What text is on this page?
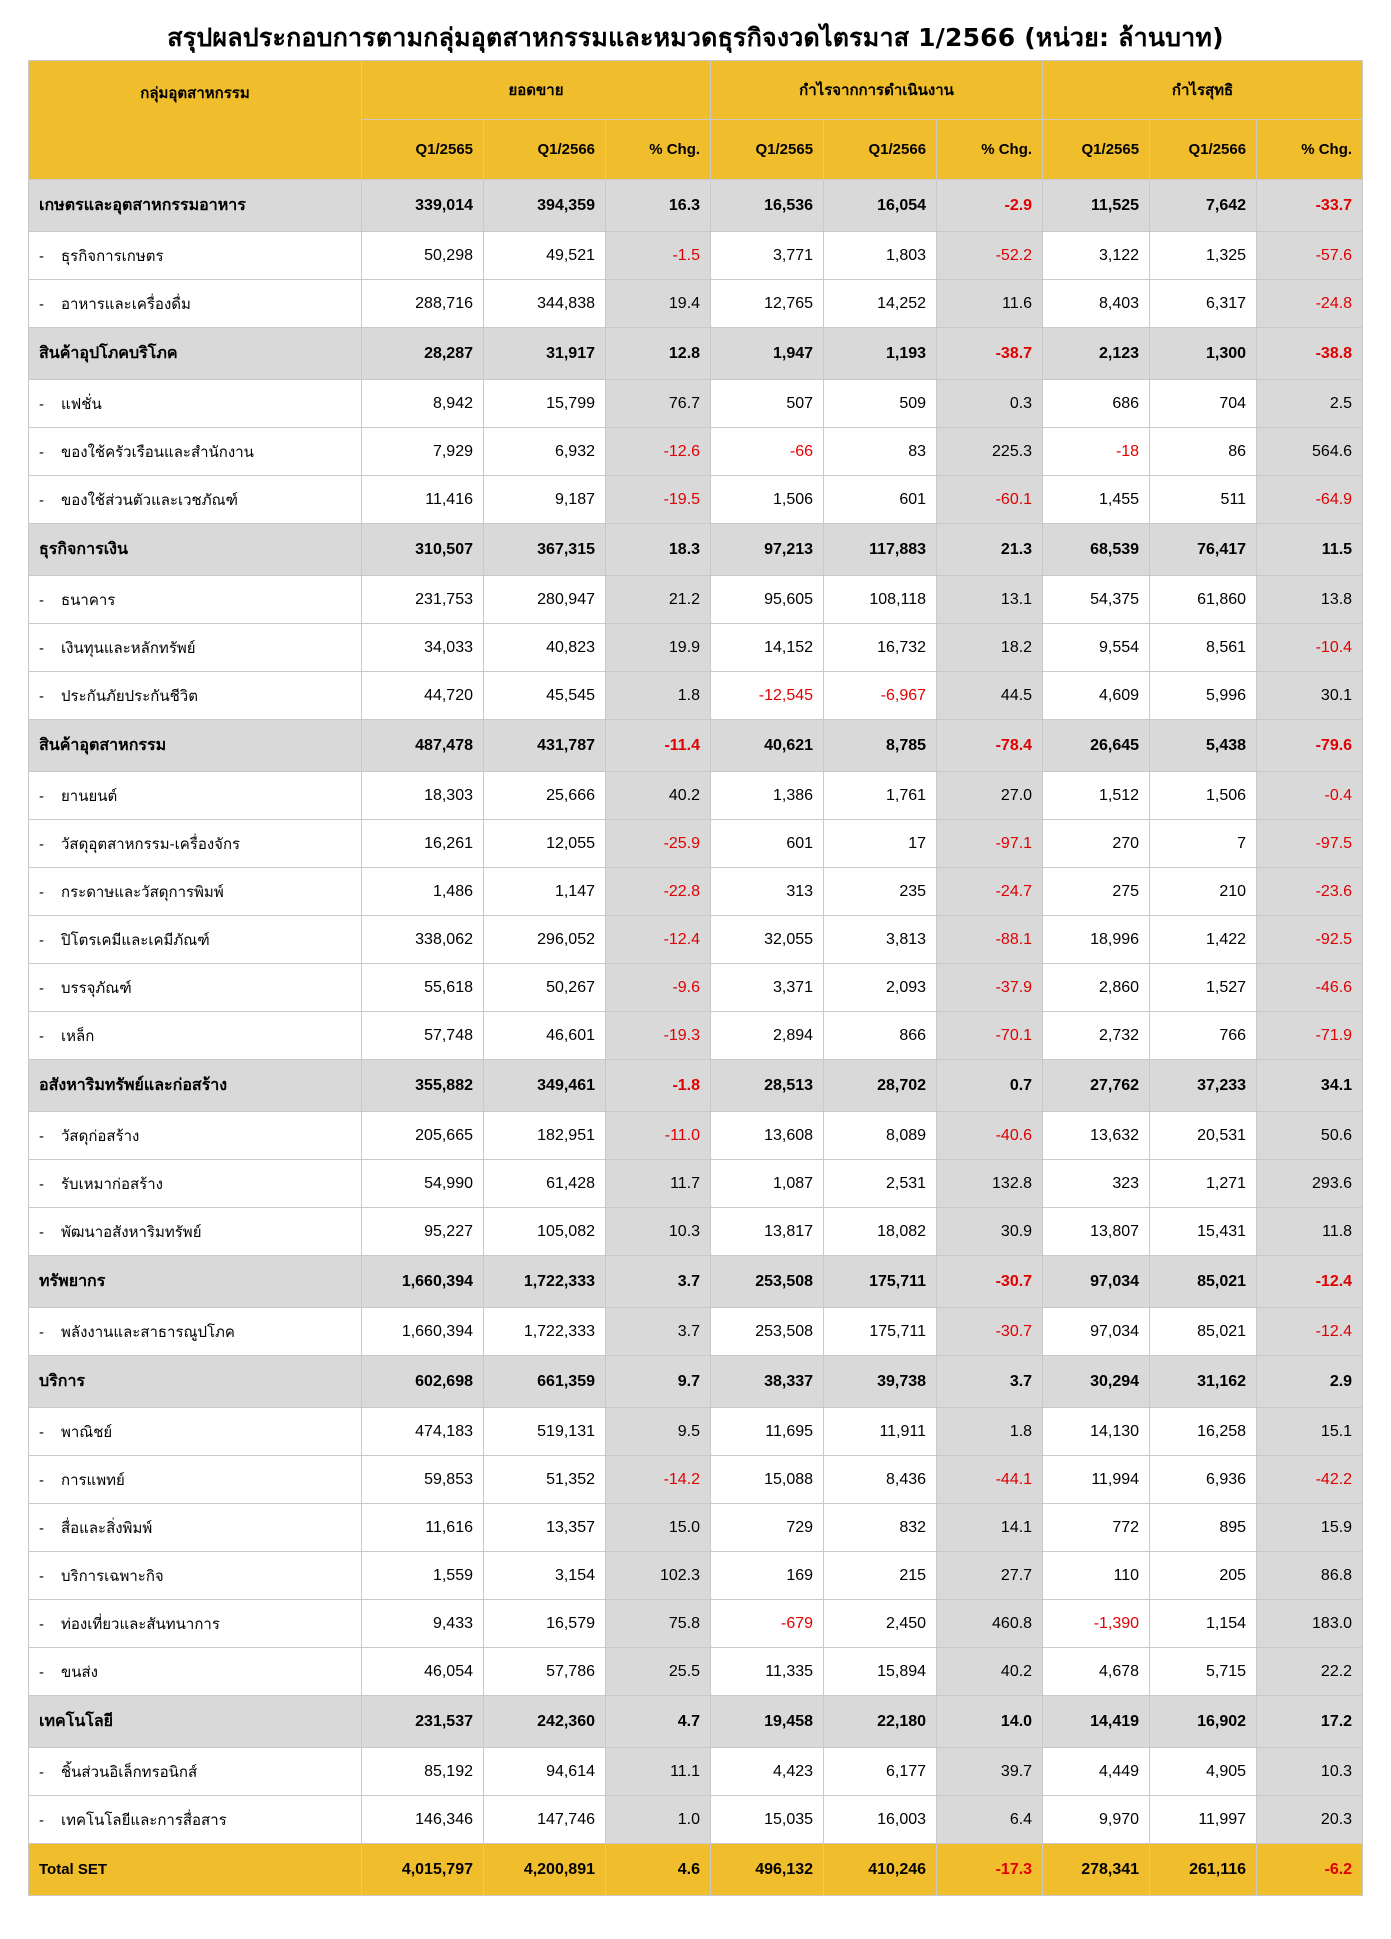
สรุปผลประกอบการตามกลุ่มอุตสาหกรรมและหมวดธุรกิจงวดไตรมาส 1/2566 (หน่วย: ล้านบาท)
กลุ่มอุตสาหกรรม	ยอดขาย			กำไรจากการดำเนินงาน			กำไรสุทธิ		
	Q1/2565	Q1/2566	% Chg.	Q1/2565	Q1/2566	% Chg.	Q1/2565	Q1/2566	% Chg.
เกษตรและอุตสาหกรรมอาหาร	339,014	394,359	16.3	16,536	16,054	-2.9	11,525	7,642	-33.7
- ธุรกิจการเกษตร	50,298	49,521	-1.5	3,771	1,803	-52.2	3,122	1,325	-57.6
- อาหารและเครื่องดื่ม	288,716	344,838	19.4	12,765	14,252	11.6	8,403	6,317	-24.8
สินค้าอุปโภคบริโภค	28,287	31,917	12.8	1,947	1,193	-38.7	2,123	1,300	-38.8
- แฟชั่น	8,942	15,799	76.7	507	509	0.3	686	704	2.5
- ของใช้ครัวเรือนและสำนักงาน	7,929	6,932	-12.6	-66	83	225.3	-18	86	564.6
- ของใช้ส่วนตัวและเวชภัณฑ์	11,416	9,187	-19.5	1,506	601	-60.1	1,455	511	-64.9
ธุรกิจการเงิน	310,507	367,315	18.3	97,213	117,883	21.3	68,539	76,417	11.5
- ธนาคาร	231,753	280,947	21.2	95,605	108,118	13.1	54,375	61,860	13.8
- เงินทุนและหลักทรัพย์	34,033	40,823	19.9	14,152	16,732	18.2	9,554	8,561	-10.4
- ประกันภัยประกันชีวิต	44,720	45,545	1.8	-12,545	-6,967	44.5	4,609	5,996	30.1
สินค้าอุตสาหกรรม	487,478	431,787	-11.4	40,621	8,785	-78.4	26,645	5,438	-79.6
- ยานยนต์	18,303	25,666	40.2	1,386	1,761	27.0	1,512	1,506	-0.4
- วัสดุอุตสาหกรรม-เครื่องจักร	16,261	12,055	-25.9	601	17	-97.1	270	7	-97.5
- กระดาษและวัสดุการพิมพ์	1,486	1,147	-22.8	313	235	-24.7	275	210	-23.6
- ปิโตรเคมีและเคมีภัณฑ์	338,062	296,052	-12.4	32,055	3,813	-88.1	18,996	1,422	-92.5
- บรรจุภัณฑ์	55,618	50,267	-9.6	3,371	2,093	-37.9	2,860	1,527	-46.6
- เหล็ก	57,748	46,601	-19.3	2,894	866	-70.1	2,732	766	-71.9
อสังหาริมทรัพย์และก่อสร้าง	355,882	349,461	-1.8	28,513	28,702	0.7	27,762	37,233	34.1
- วัสดุก่อสร้าง	205,665	182,951	-11.0	13,608	8,089	-40.6	13,632	20,531	50.6
- รับเหมาก่อสร้าง	54,990	61,428	11.7	1,087	2,531	132.8	323	1,271	293.6
- พัฒนาอสังหาริมทรัพย์	95,227	105,082	10.3	13,817	18,082	30.9	13,807	15,431	11.8
ทรัพยากร	1,660,394	1,722,333	3.7	253,508	175,711	-30.7	97,034	85,021	-12.4
- พลังงานและสาธารณูปโภค	1,660,394	1,722,333	3.7	253,508	175,711	-30.7	97,034	85,021	-12.4
บริการ	602,698	661,359	9.7	38,337	39,738	3.7	30,294	31,162	2.9
- พาณิชย์	474,183	519,131	9.5	11,695	11,911	1.8	14,130	16,258	15.1
- การแพทย์	59,853	51,352	-14.2	15,088	8,436	-44.1	11,994	6,936	-42.2
- สื่อและสิ่งพิมพ์	11,616	13,357	15.0	729	832	14.1	772	895	15.9
- บริการเฉพาะกิจ	1,559	3,154	102.3	169	215	27.7	110	205	86.8
- ท่องเที่ยวและสันทนาการ	9,433	16,579	75.8	-679	2,450	460.8	-1,390	1,154	183.0
- ขนส่ง	46,054	57,786	25.5	11,335	15,894	40.2	4,678	5,715	22.2
เทคโนโลยี	231,537	242,360	4.7	19,458	22,180	14.0	14,419	16,902	17.2
- ชิ้นส่วนอิเล็กทรอนิกส์	85,192	94,614	11.1	4,423	6,177	39.7	4,449	4,905	10.3
- เทคโนโลยีและการสื่อสาร	146,346	147,746	1.0	15,035	16,003	6.4	9,970	11,997	20.3
Total SET	4,015,797	4,200,891	4.6	496,132	410,246	-17.3	278,341	261,116	-6.2
